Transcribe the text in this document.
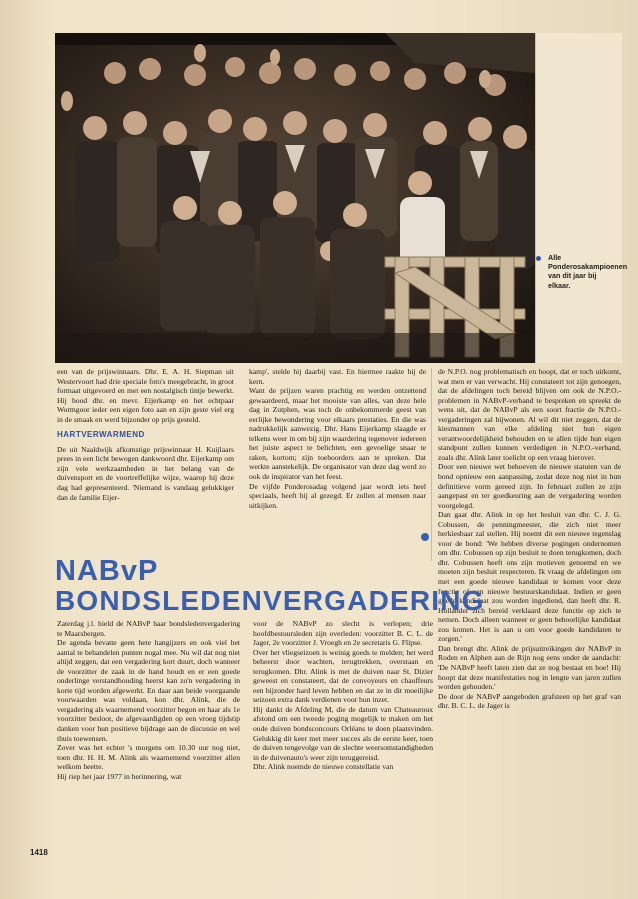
Alle Ponderosakampioenen van dit jaar bij elkaar.

een van de prijswinnaars. Dhr. E. A. H. Siepman uit Westervoort had drie speciale foto's meegebracht, in groot formaat uitgevoerd en met een nostalgisch tintje bewerkt. Hij bood dhr. en mevr. Eijerkamp en het echtpaar Wormgoor ieder een eigen foto aan en zijn geste viel erg in de smaak en werd bijzonder op prijs gesteld.

HARTVERWARMEND

De uit Naaldwijk afkomstige prijswinnaar H. Kuijlaars prees in een licht bewogen dankwoord dhr. Eijerkamp om zijn vele werkzaamheden in het belang van de duivensport en de voortreffelijke wijze, waarop hij deze dag had gepresenteerd. 'Niemand is vandaag gelukkiger dan de familie Eijer-

kamp', stelde hij daarbij vast. En hiermee raakte hij de kern.

Want de prijzen waren prachtig en werden ontzettend gewaardeerd, maar het mooiste van alles, van deze hele dag in Zutphen, was toch de onbekommerde geest van eerlijke bewondering voor elkaars prestaties. En die was nadrukkelijk aanwezig. Dhr. Hans Eijerkamp slaagde er telkens weer in om bij zijn waardering tegenover iedereen het juiste aspect te belichten, een gevoelige snaar te raken, kortom; zijn toehoorders aan te spreken. Dat werkte aanstekelijk. De organisator van deze dag werd zo ook de inspirator van het feest.

De vijfde Ponderosadag volgend jaar wordt iets heel speciaals, heeft hij al gezegd. Er zullen al mensen naar uitkijken.

de N.P.O. nog problematisch en hoopt, dat er toch uitkomt, wat men er van verwacht. Hij constateert tot zijn genoegen, dat de afdelingen toch bereid blijven om ook de N.P.O.-problemen in NABvP-verband te bespreken en spreekt de wens uit, dat de NABvP als een soort fractie de N.P.O.-vergaderingen zal bijwonen. Al wil dit niet zeggen, dat de kiesmannen van elke afdeling niet hun eigen verantwoordelijkheid behouden en te allen tijde hun eigen standpunt zullen kunnen verdedigen in N.P.O.-verband, zoals dhr. Alink later toelicht op een vraag hierover.

Door een nieuwe wet behoeven de nieuwe statuten van de bond opnieuw een aanpassing, zodat deze nog niet in hun definitieve vorm gereed zijn. In februari zullen ze zijn aangepast en ter goedkeuring aan de vergadering worden voorgelegd.

Dan gaat dhr. Alink in op het besluit van dhr. C. J. G. Cobussen, de penningmeester, die zich niet meer herkiesbaar zal stellen. Hij noemt dit een nieuwe tegenslag voor de bond: 'We hebben diverse pogingen ondernomen om dhr. Cobussen op zijn besluit te doen terugkomen, doch dhr. Cobussen heeft ons zijn motieven genoemd en we moeten zijn besluit respecteren. Ik vraag de afdelingen om met een goede nieuwe kandidaat te komen voor deze functie of een nieuwe bestuurskandidaat. Indien er geen goede kandidaat zou worden ingediend, dan heeft dhr. R. Hollander zich bereid verklaard deze functie op zich te nemen. Doch alleen wanneer er geen behoorlijke kandidaat zou komen. Het is aan u om voor goede kandidaten te zorgen.'

Dan brengt dhr. Alink de prijsuitreikingen der NABvP in Roden en Alphen aan de Rijn nog eens onder de aandacht: 'De NABvP heeft laten zien dat ze nog bestaat en hoe! Hij hoopt dat deze manifestaties nog in lengte van jaren zullen worden gehouden.'

De door de NABvP aangeboden grafsteen op het graf van dhr. B. C. L. de Jager is

NABvP
BONDSLEDENVERGADERING

Zaterdag j.l. hield de NABvP haar bondsledenvergadering te Maarsbergen.

De agenda bevatte geen hete hangijzers en ook viel het aantal te behandelen punten nogal mee. Nu wil dat nog niet altijd zeggen, dat een vergadering kort duurt, doch wanneer de voorzitter de zaak in de hand houdt en er een goede onderlinge verstandhouding heerst kan zo'n vergadering in korte tijd worden afgewerkt. En daar aan beide voorgaande voorwaarden was voldaan, kon dhr. Alink, die de vergadering als waarnemend voorzitter begon en haar als 1e voorzitter besloot, de afgevaardigden op een vroeg tijdstip danken voor hun positieve bijdrage aan de discussie en wel thuis toewensen.

Zover was het echter 's morgens om 10.30 uur nog niet, toen dhr. H. H. M. Alink als waarnemend voorzitter allen welkom heette.

Hij riep het jaar 1977 in herinnering, wat

voor de NABvP zo slecht is verlopen; drie hoofdbestuursleden zijn overleden: voorzitter B. C. L. de Jager, 2e voorzitter J. Vroegh en 2e secretaris G. Flipse.

Over het vliegseizoen is weinig goeds te melden; het werd beheerst door wachten, terugtrekken, overstaan en terugkomen. Dhr. Alink is met de duiven naar St. Dizier geweest en constateert, dat de convoyeurs en chauffeurs een bijzonder hard leven hebben en dat ze in dit moeilijke seizoen extra dank verdienen voor hun inzet.

Hij dankt de Afdeling M, die de datum van Chateauroux afstond om een tweede poging mogelijk te maken om het oude duiven bondsconcours Orléans te doen plaatsvinden. Gelukkig dit keer met meer succes als de eerste keer, toen de duiven tengevolge van de slechte weersomstandigheden in de duivenauto's weer zijn teruggereisd.

Dhr. Alink noemde de nieuwe constellatie van

1418
